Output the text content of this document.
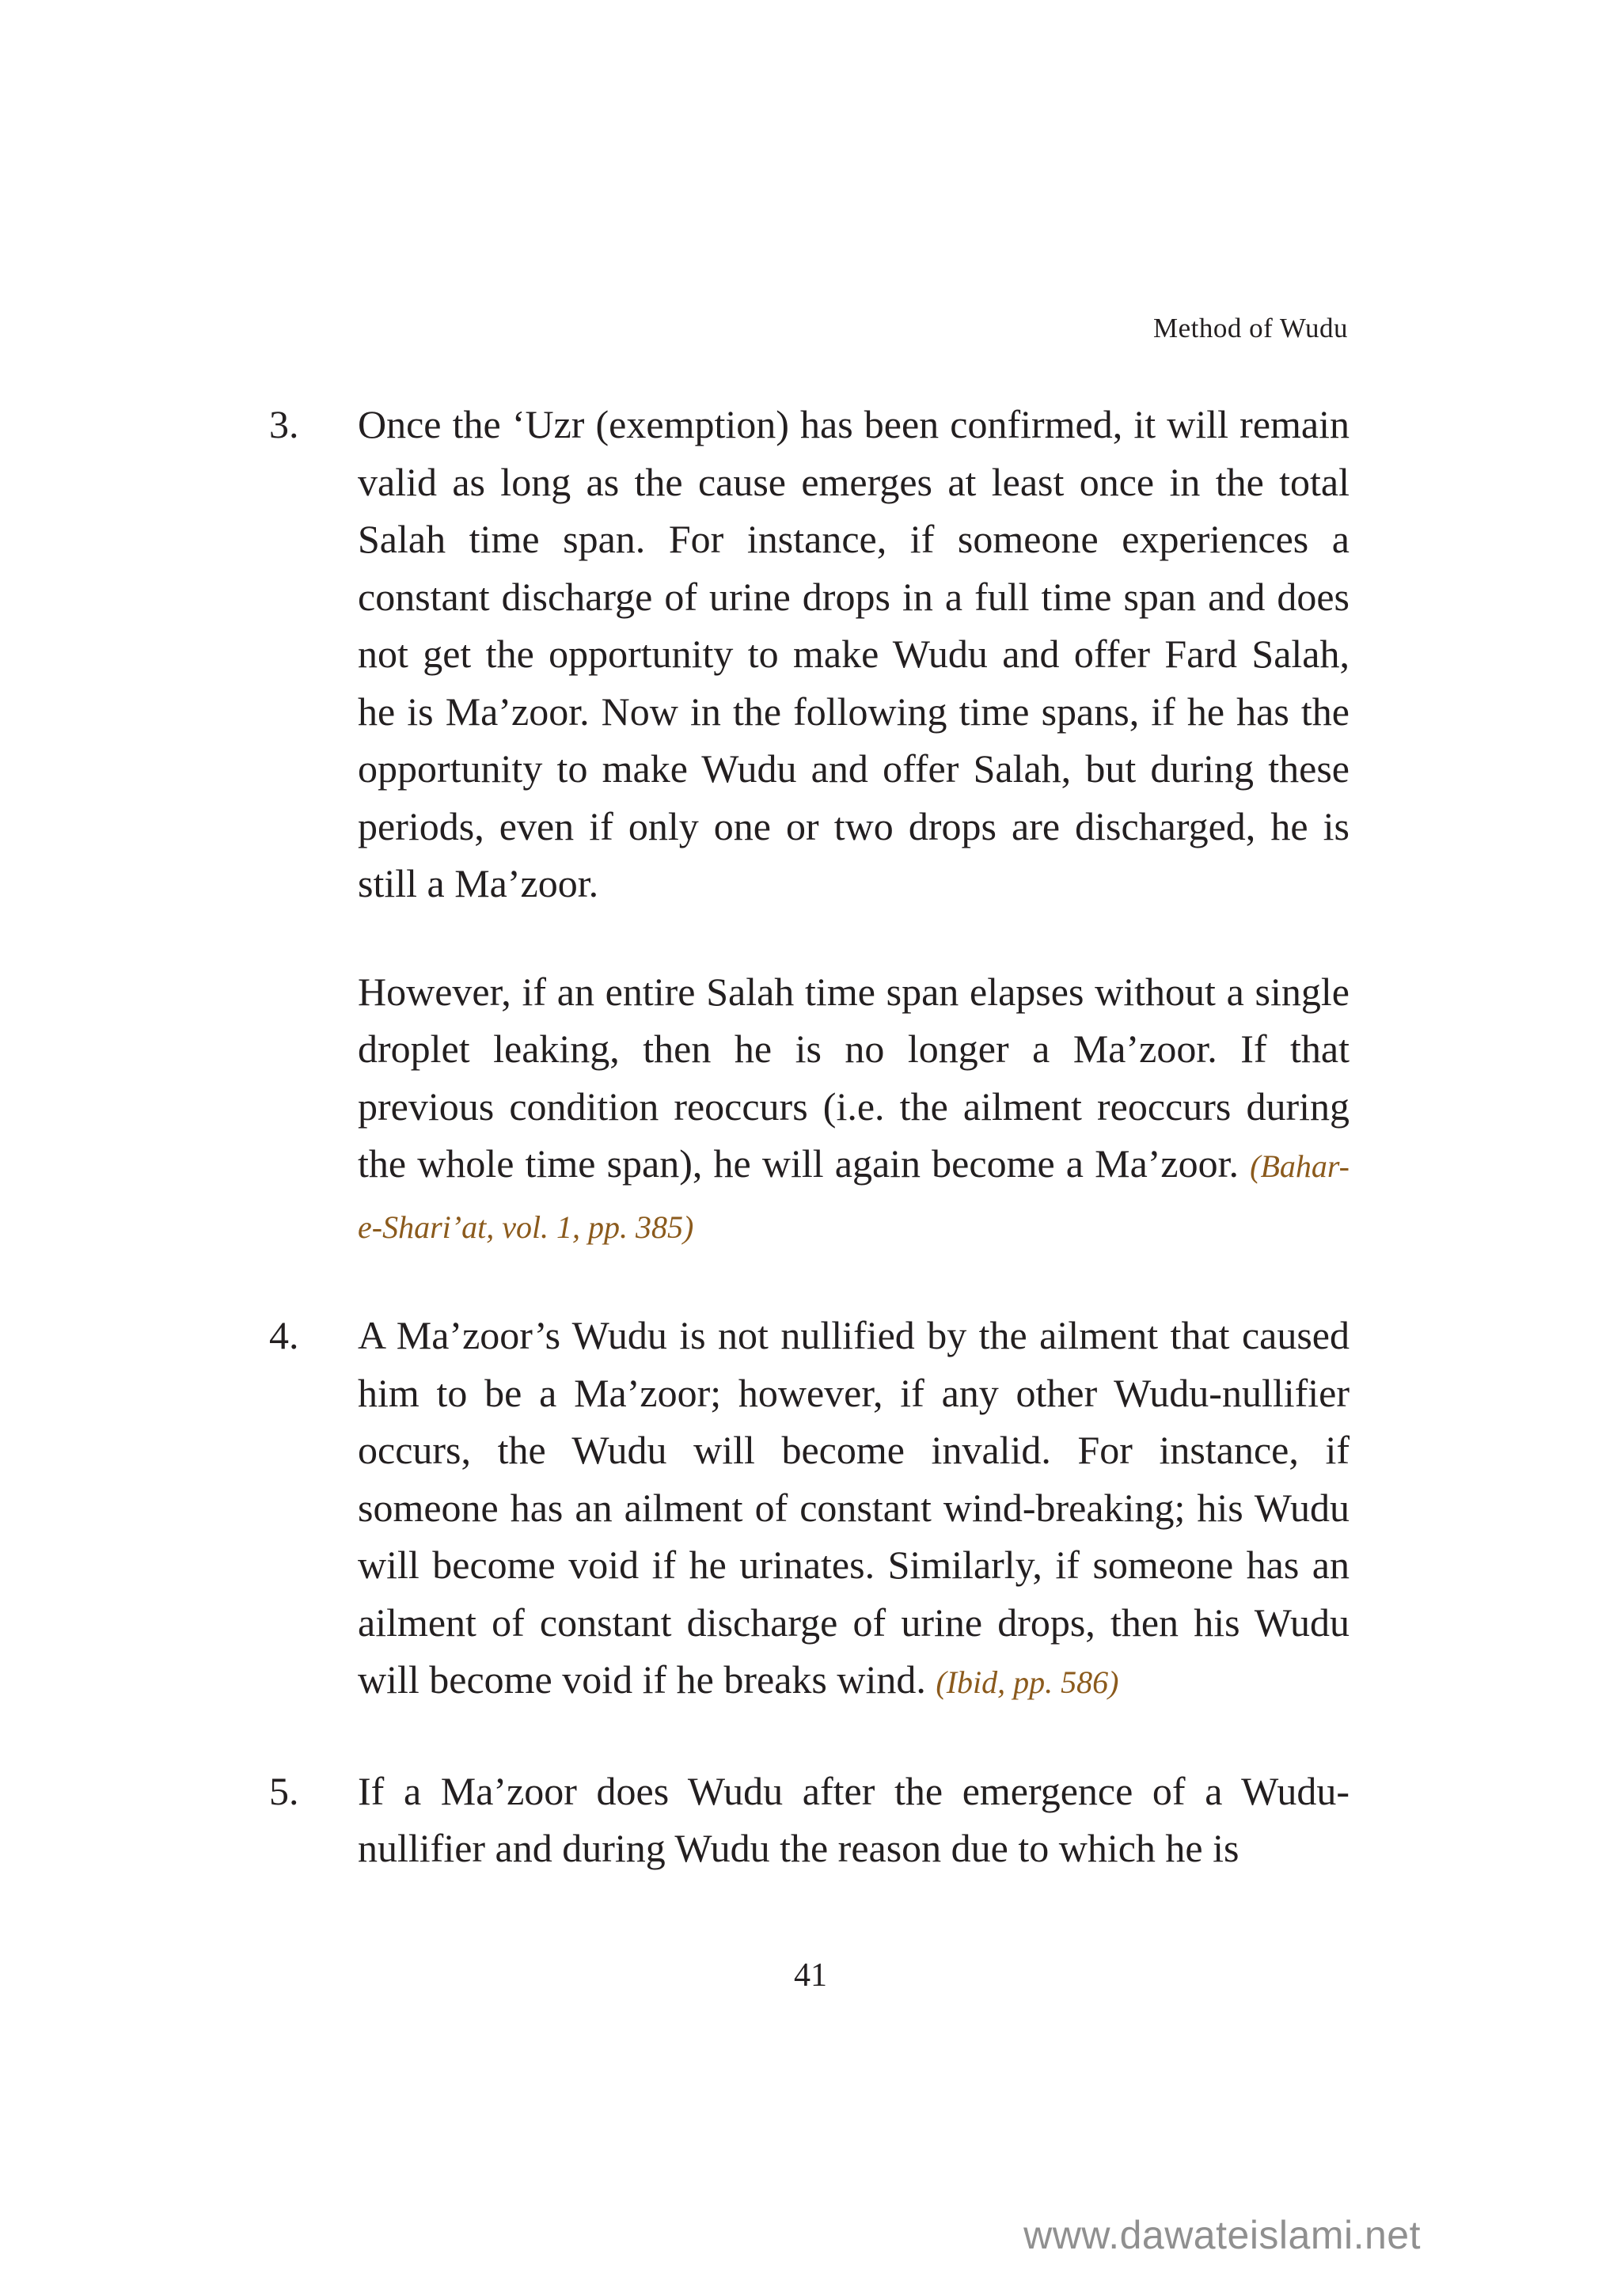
Method of Wudu
3. Once the ‘Uzr (exemption) has been confirmed, it will remain valid as long as the cause emerges at least once in the total Salah time span. For instance, if someone experiences a constant discharge of urine drops in a full time span and does not get the opportunity to make Wudu and offer Fard Salah, he is Ma’zoor. Now in the following time spans, if he has the opportunity to make Wudu and offer Salah, but during these periods, even if only one or two drops are discharged, he is still a Ma’zoor.

However, if an entire Salah time span elapses without a single droplet leaking, then he is no longer a Ma’zoor. If that previous condition reoccurs (i.e. the ailment reoccurs during the whole time span), he will again become a Ma’zoor. (Bahar-e-Shari’at, vol. 1, pp. 385)

4. A Ma’zoor’s Wudu is not nullified by the ailment that caused him to be a Ma’zoor; however, if any other Wudu-nullifier occurs, the Wudu will become invalid. For instance, if someone has an ailment of constant wind-breaking; his Wudu will become void if he urinates. Similarly, if someone has an ailment of constant discharge of urine drops, then his Wudu will become void if he breaks wind. (Ibid, pp. 586)

5. If a Ma’zoor does Wudu after the emergence of a Wudu-nullifier and during Wudu the reason due to which he is

41
www.dawateislami.net
